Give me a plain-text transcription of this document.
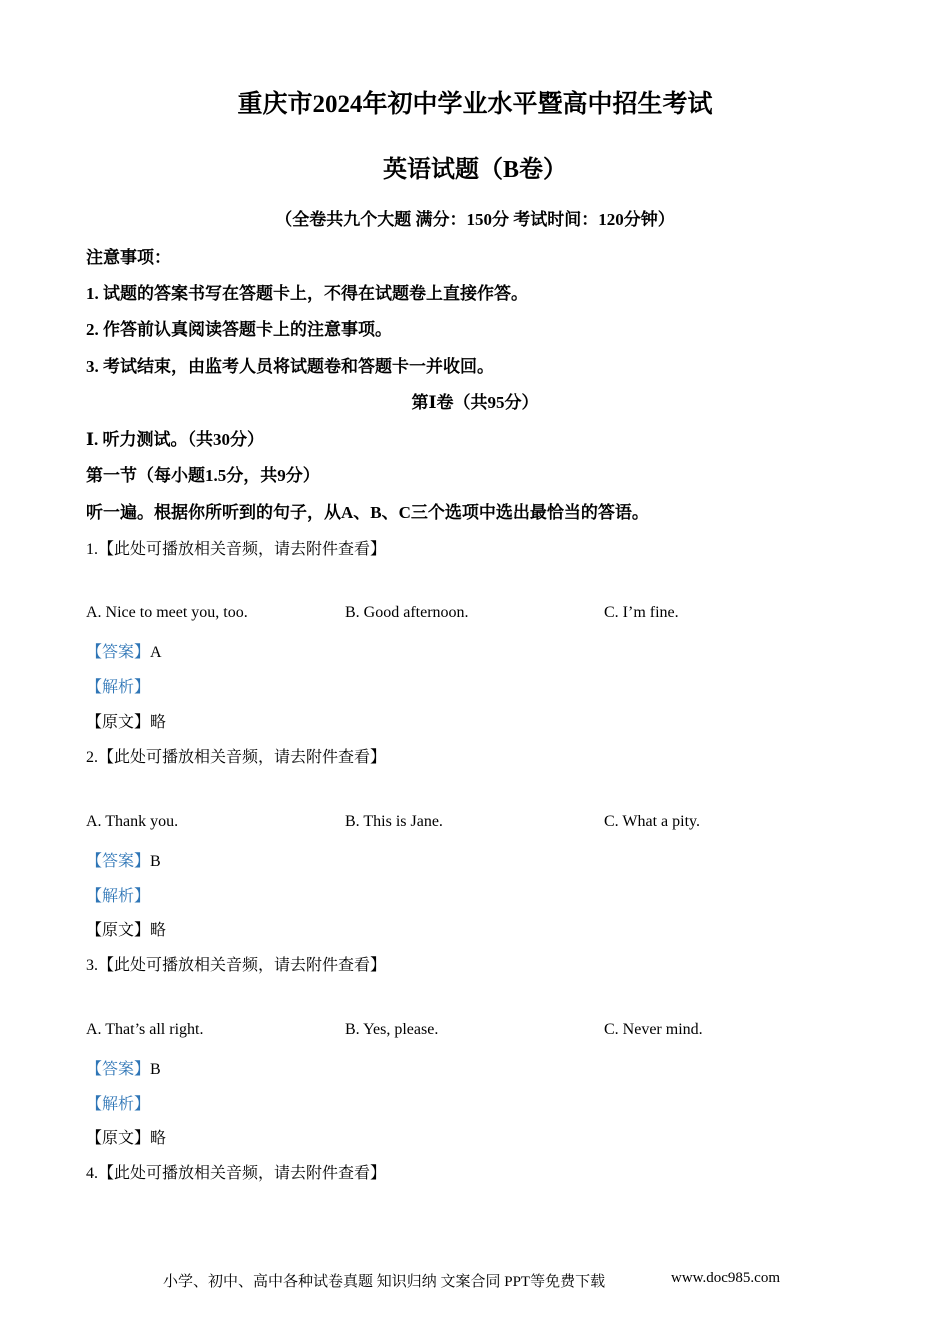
重庆市2024年初中学业水平暨高中招生考试
英语试题（B卷）
（全卷共九个大题 满分：150分 考试时间：120分钟）
注意事项：
1. 试题的答案书写在答题卡上，不得在试题卷上直接作答。
2. 作答前认真阅读答题卡上的注意事项。
3. 考试结束，由监考人员将试题卷和答题卡一并收回。
第Ⅰ卷（共95分）
Ⅰ. 听力测试。（共30分）
第一节（每小题1.5分，共9分）
听一遍。根据你所听到的句子，从A、B、C三个选项中选出最恰当的答语。
1.【此处可播放相关音频，请去附件查看】
A. Nice to meet you, too.	B. Good afternoon.	C. I’m fine.
【答案】A
【解析】
【原文】略
2.【此处可播放相关音频，请去附件查看】
A. Thank you.	B. This is Jane.	C. What a pity.
【答案】B
【解析】
【原文】略
3.【此处可播放相关音频，请去附件查看】
A. That’s all right.	B. Yes, please.	C. Never mind.
【答案】B
【解析】
【原文】略
4.【此处可播放相关音频，请去附件查看】
小学、初中、高中各种试卷真题 知识归纳 文案合同 PPT等免费下载	www.doc985.com
